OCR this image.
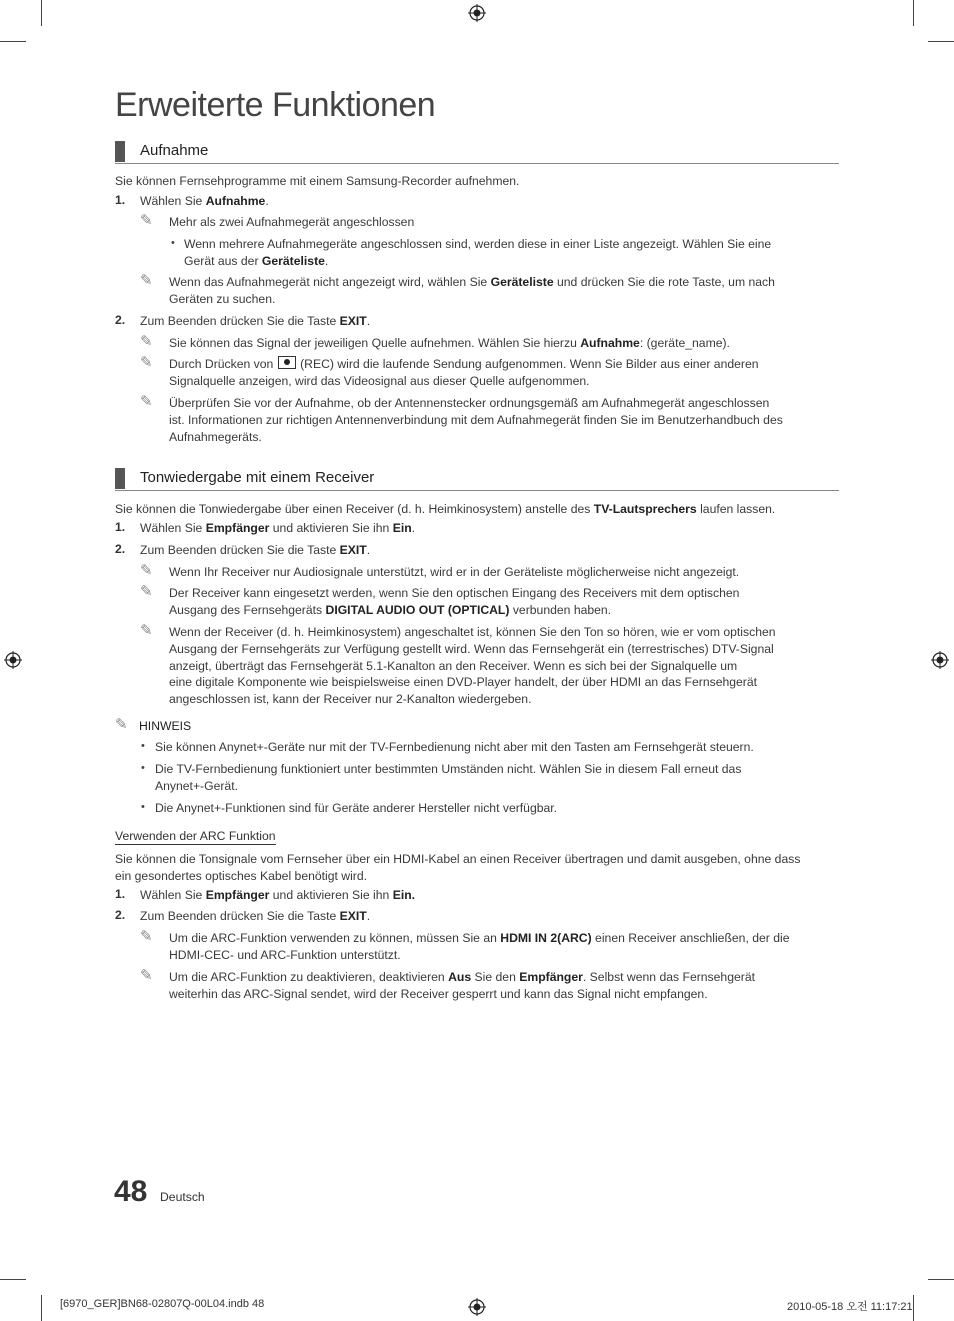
Erweiterte Funktionen
Aufnahme
Sie können Fernsehprogramme mit einem Samsung-Recorder aufnehmen.
1. Wählen Sie Aufnahme.
✎ Mehr als zwei Aufnahmegerät angeschlossen
• Wenn mehrere Aufnahmegeräte angeschlossen sind, werden diese in einer Liste angezeigt. Wählen Sie eine
Gerät aus der Geräteliste.
✎ Wenn das Aufnahmegerät nicht angezeigt wird, wählen Sie Geräteliste und drücken Sie die rote Taste, um nach
Geräten zu suchen.
2. Zum Beenden drücken Sie die Taste EXIT.
✎ Sie können das Signal der jeweiligen Quelle aufnehmen. Wählen Sie hierzu Aufnahme: (geräte_name).
✎ Durch Drücken von  (REC) wird die laufende Sendung aufgenommen. Wenn Sie Bilder aus einer anderen
Signalquelle anzeigen, wird das Videosignal aus dieser Quelle aufgenommen.
✎ Überprüfen Sie vor der Aufnahme, ob der Antennenstecker ordnungsgemäß am Aufnahmegerät angeschlossen
ist. Informationen zur richtigen Antennenverbindung mit dem Aufnahmegerät finden Sie im Benutzerhandbuch des
Aufnahmegeräts.
Tonwiedergabe mit einem Receiver
Sie können die Tonwiedergabe über einen Receiver (d. h. Heimkinosystem) anstelle des TV-Lautsprechers laufen lassen.
1. Wählen Sie Empfänger und aktivieren Sie ihn Ein.
2. Zum Beenden drücken Sie die Taste EXIT.
✎ Wenn Ihr Receiver nur Audiosignale unterstützt, wird er in der Geräteliste möglicherweise nicht angezeigt.
✎ Der Receiver kann eingesetzt werden, wenn Sie den optischen Eingang des Receivers mit dem optischen
Ausgang des Fernsehgeräts DIGITAL AUDIO OUT (OPTICAL) verbunden haben.
✎ Wenn der Receiver (d. h. Heimkinosystem) angeschaltet ist, können Sie den Ton so hören, wie er vom optischen
Ausgang der Fernsehgeräts zur Verfügung gestellt wird. Wenn das Fernsehgerät ein (terrestrisches) DTV-Signal
anzeigt, überträgt das Fernsehgerät 5.1-Kanalton an den Receiver. Wenn es sich bei der Signalquelle um
eine digitale Komponente wie beispielsweise einen DVD-Player handelt, der über HDMI an das Fernsehgerät
angeschlossen ist, kann der Receiver nur 2-Kanalton wiedergeben.
✎ HINWEIS
• Sie können Anynet+-Geräte nur mit der TV-Fernbedienung nicht aber mit den Tasten am Fernsehgerät steuern.
• Die TV-Fernbedienung funktioniert unter bestimmten Umständen nicht. Wählen Sie in diesem Fall erneut das
Anynet+-Gerät.
• Die Anynet+-Funktionen sind für Geräte anderer Hersteller nicht verfügbar.
Verwenden der ARC Funktion
Sie können die Tonsignale vom Fernseher über ein HDMI-Kabel an einen Receiver übertragen und damit ausgeben, ohne dass
ein gesondertes optisches Kabel benötigt wird.
1. Wählen Sie Empfänger und aktivieren Sie ihn Ein.
2. Zum Beenden drücken Sie die Taste EXIT.
✎ Um die ARC-Funktion verwenden zu können, müssen Sie an HDMI IN 2(ARC) einen Receiver anschließen, der die
HDMI-CEC- und ARC-Funktion unterstützt.
✎ Um die ARC-Funktion zu deaktivieren, deaktivieren Aus Sie den Empfänger. Selbst wenn das Fernsehgerät
weiterhin das ARC-Signal sendet, wird der Receiver gesperrt und kann das Signal nicht empfangen.
48 Deutsch
[6970_GER]BN68-02807Q-00L04.indb 48	2010-05-18 오전 11:17:21
